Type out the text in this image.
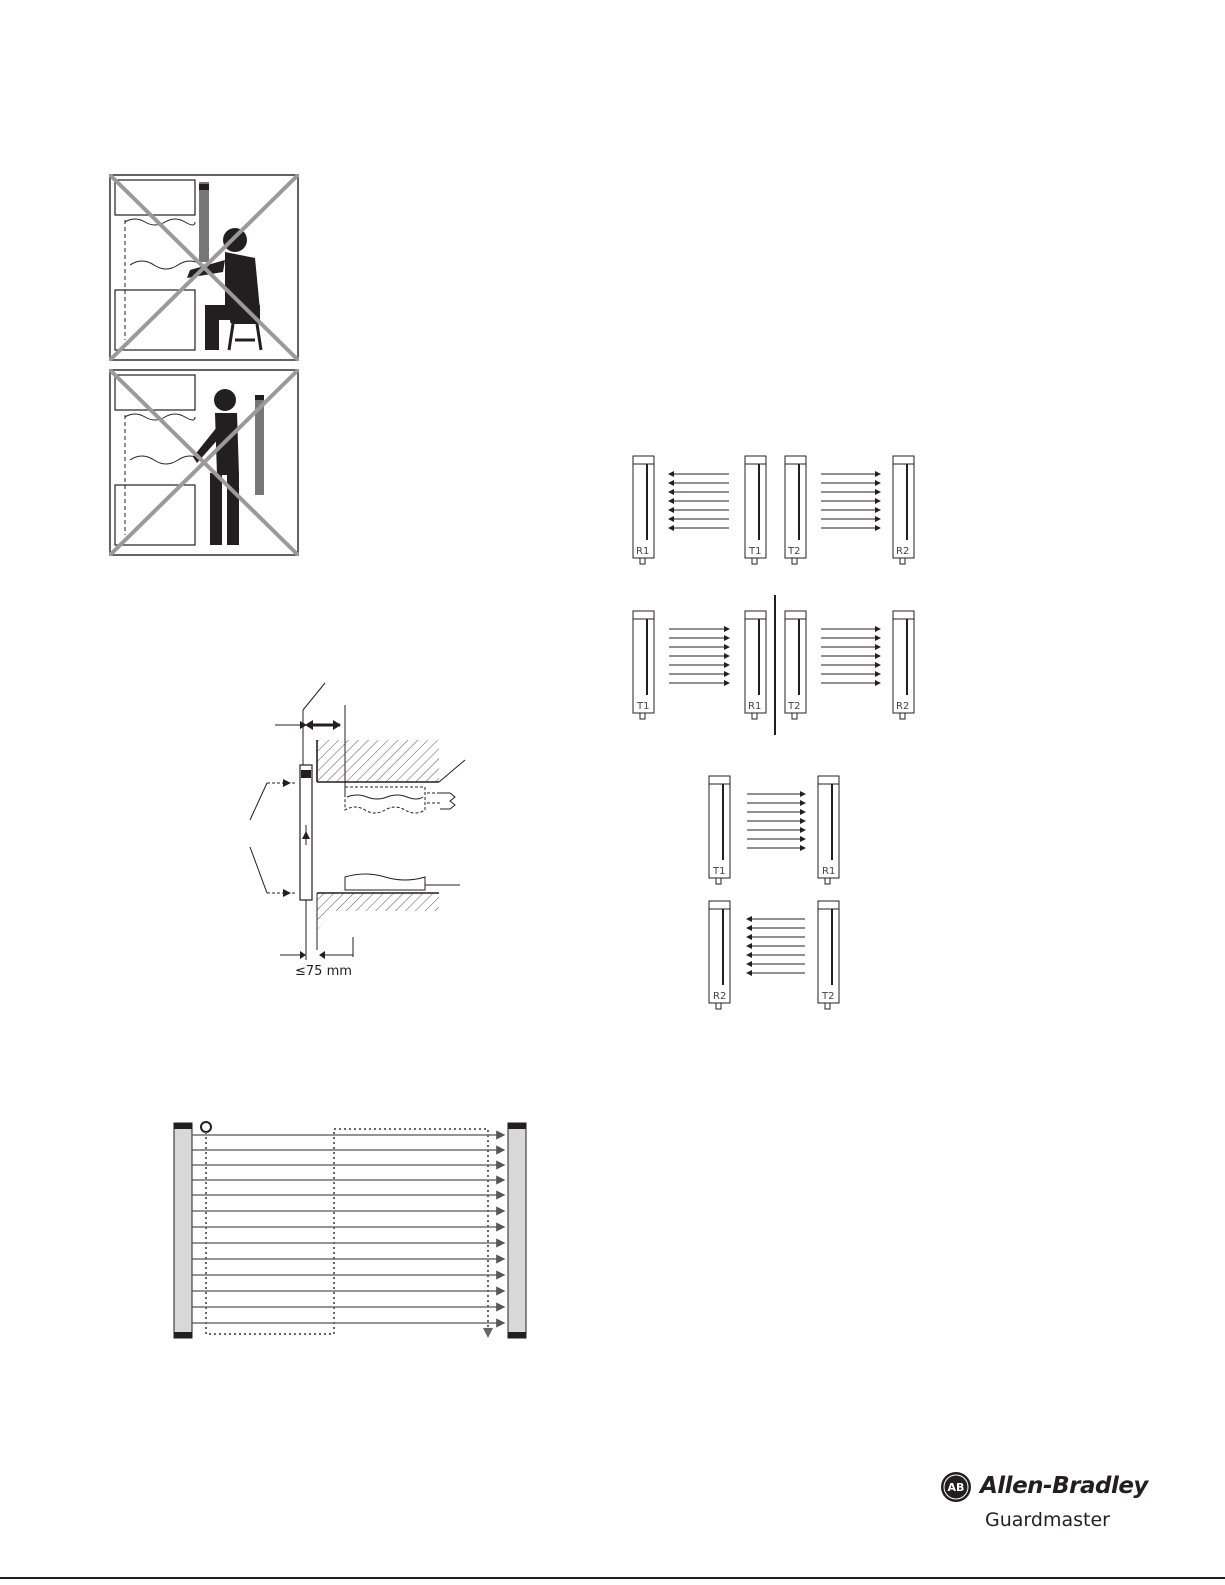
≤75 mm
R1	T1	T2	R2
T1	R1	T2	R2
T1	R1
R2	T2
AB Allen-Bradley
Guardmaster
